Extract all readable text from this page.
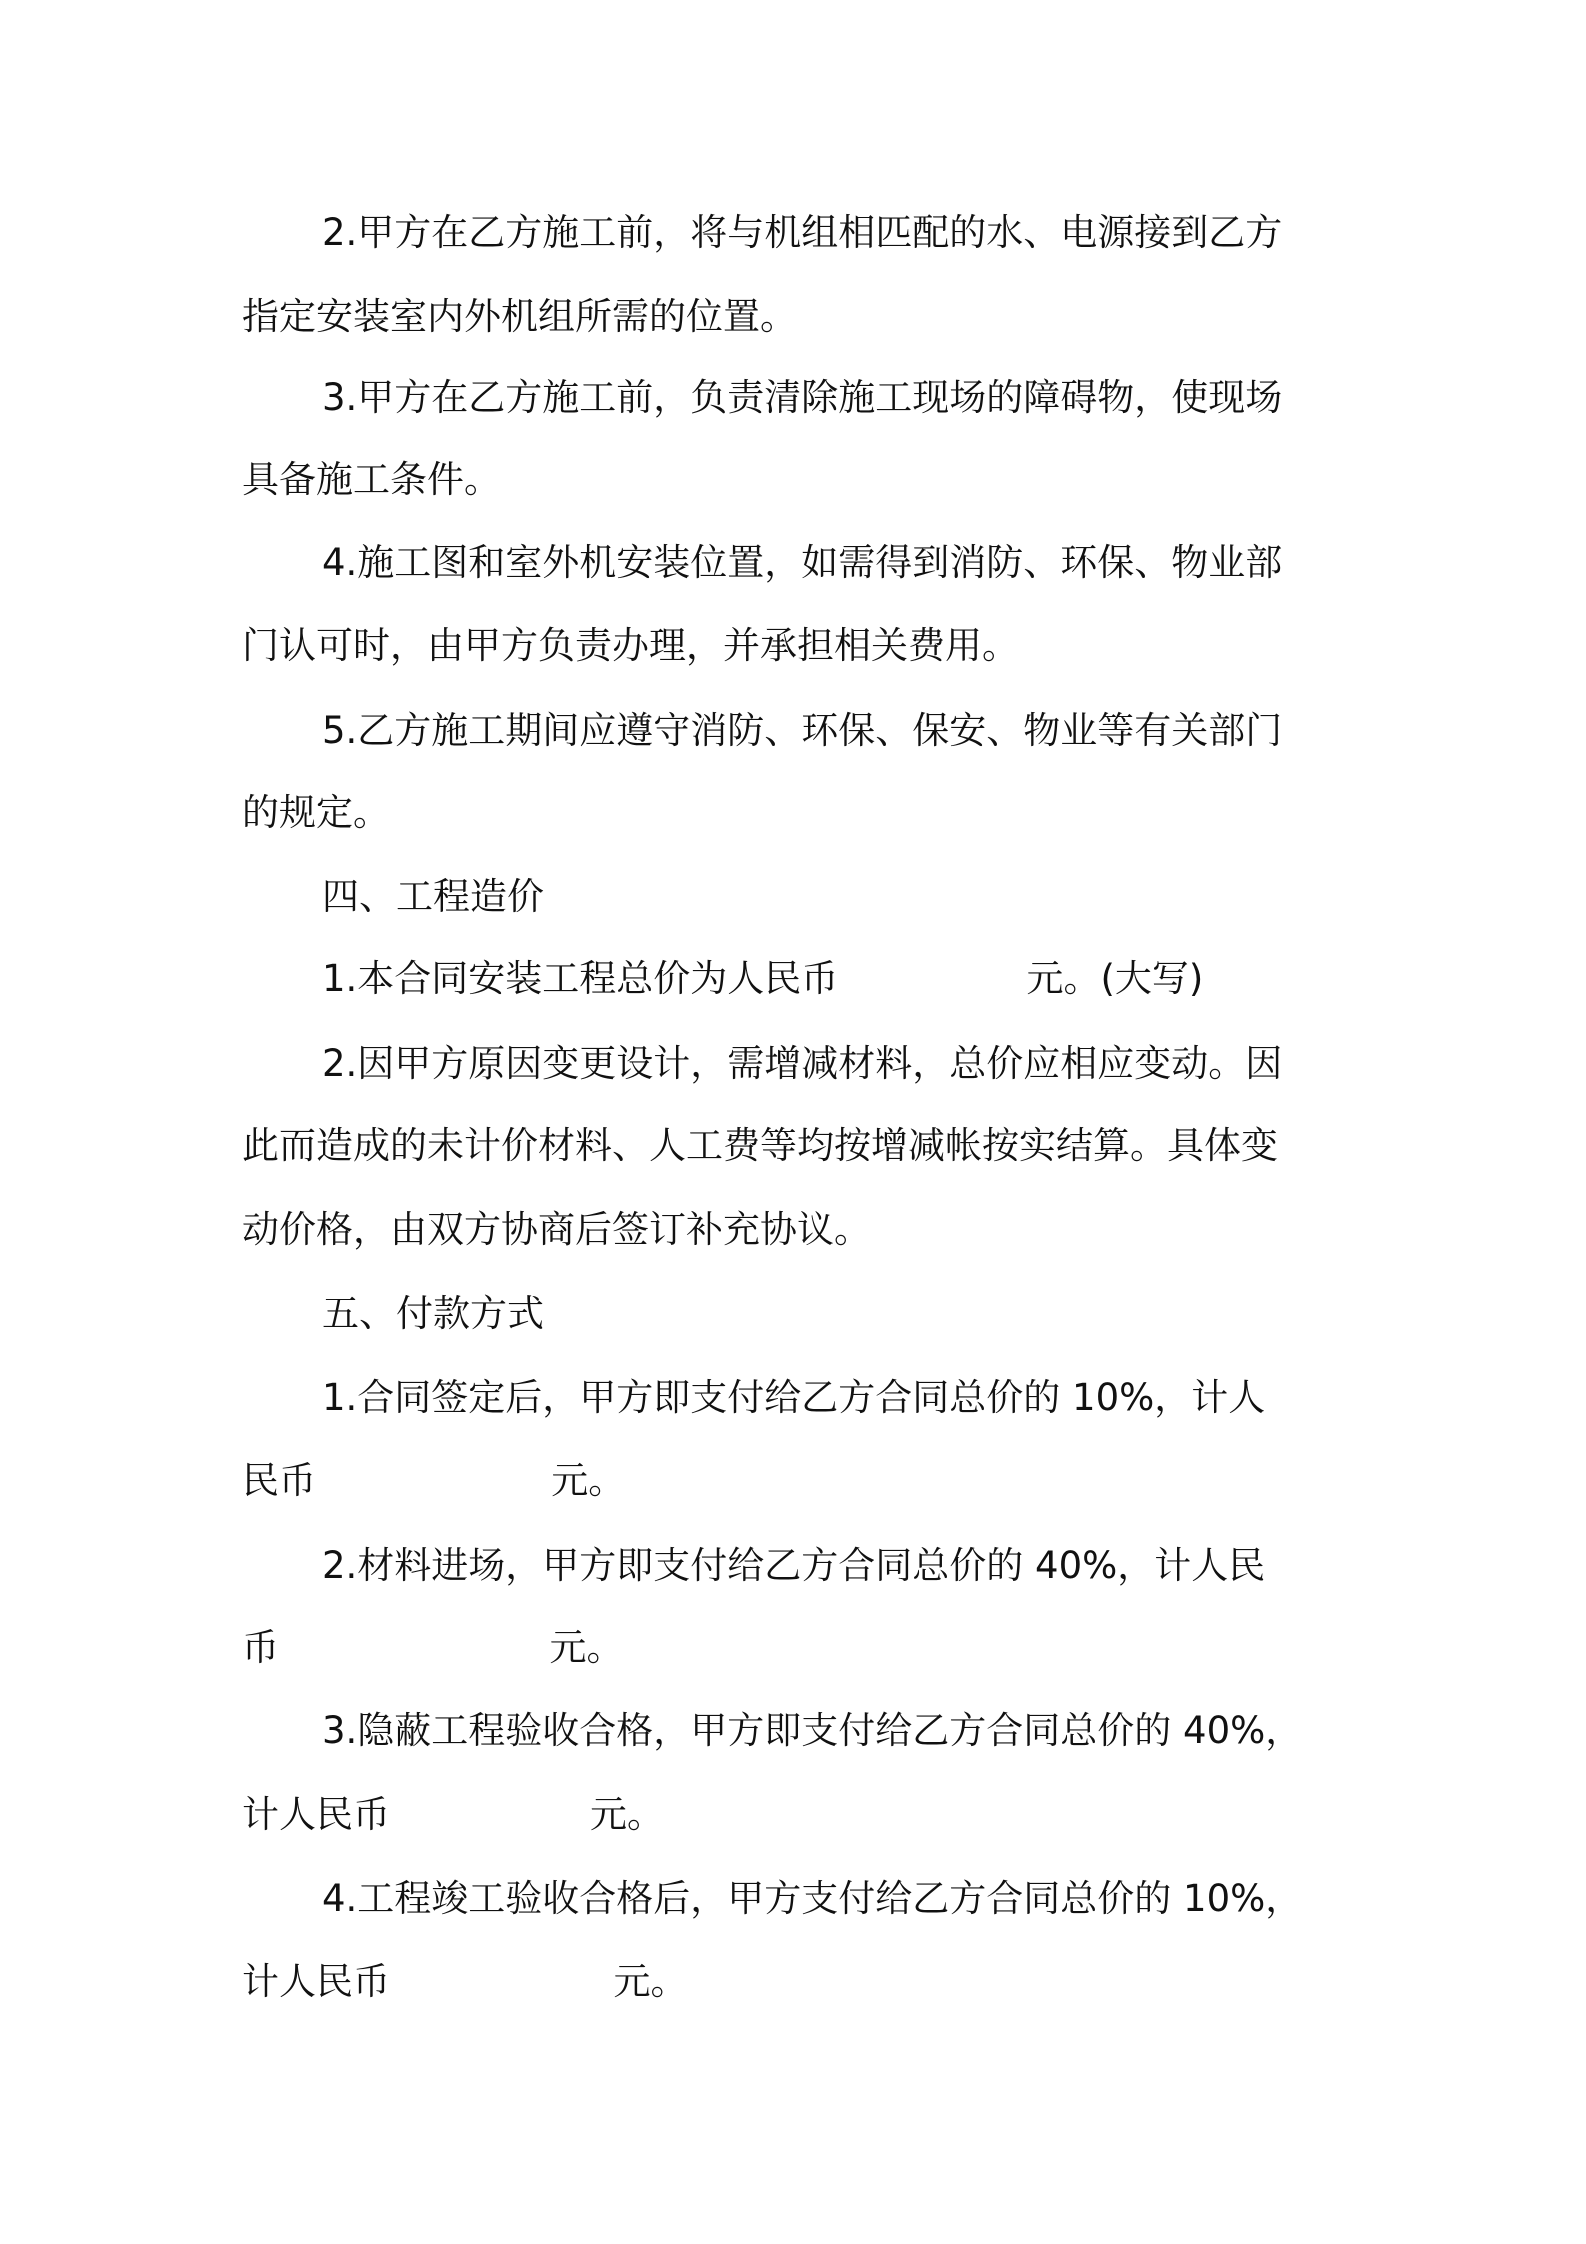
2.甲方在乙方施工前，将与机组相匹配的水、电源接到乙方

指定安装室内外机组所需的位置。

3.甲方在乙方施工前，负责清除施工现场的障碍物，使现场

具备施工条件。

4.施工图和室外机安装位置，如需得到消防、环保、物业部

门认可时，由甲方负责办理，并承担相关费用。

5.乙方施工期间应遵守消防、环保、保安、物业等有关部门

的规定。

四、工程造价

1.本合同安装工程总价为人民币                元。(大写)

2.因甲方原因变更设计，需增减材料，总价应相应变动。因

此而造成的未计价材料、人工费等均按增减帐按实结算。具体变

动价格，由双方协商后签订补充协议。

五、付款方式

1.合同签定后，甲方即支付给乙方合同总价的 10%，计人

民币                    元。

2.材料进场，甲方即支付给乙方合同总价的 40%，计人民

币                       元。

3.隐蔽工程验收合格，甲方即支付给乙方合同总价的 40%，

计人民币                 元。

4.工程竣工验收合格后，甲方支付给乙方合同总价的 10%，

计人民币                   元。
